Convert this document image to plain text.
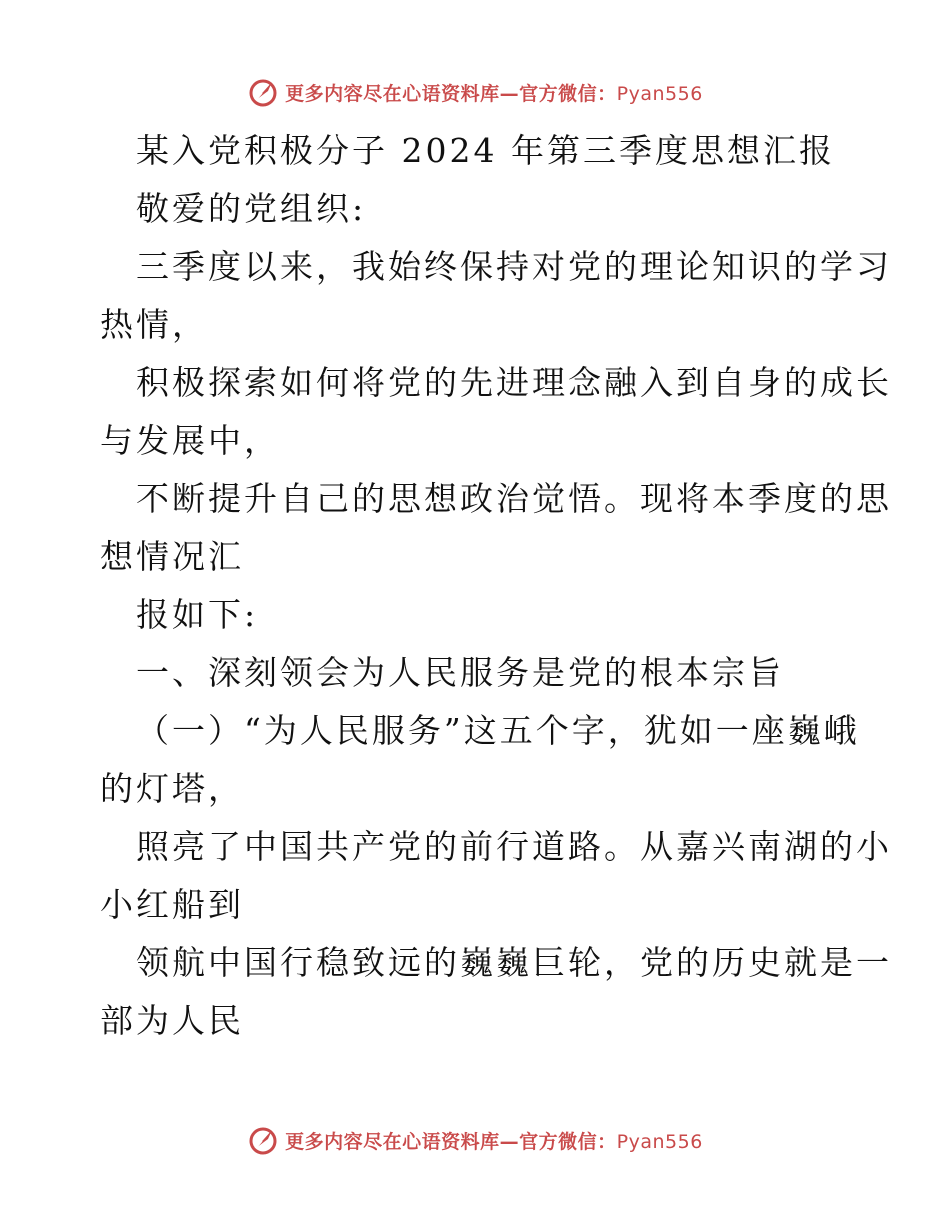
更多内容尽在心语资料库—官方微信：Pyan556
某入党积极分子 2024 年第三季度思想汇报
敬爱的党组织:
三季度以来，我始终保持对党的理论知识的学习
热情，
积极探索如何将党的先进理念融入到自身的成长
与发展中，
不断提升自己的思想政治觉悟。现将本季度的思
想情况汇
报如下:
一、深刻领会为人民服务是党的根本宗旨
（一）“为人民服务”这五个字，犹如一座巍峨
的灯塔，
照亮了中国共产党的前行道路。从嘉兴南湖的小
小红船到
领航中国行稳致远的巍巍巨轮，党的历史就是一
部为人民
更多内容尽在心语资料库—官方微信：Pyan556
